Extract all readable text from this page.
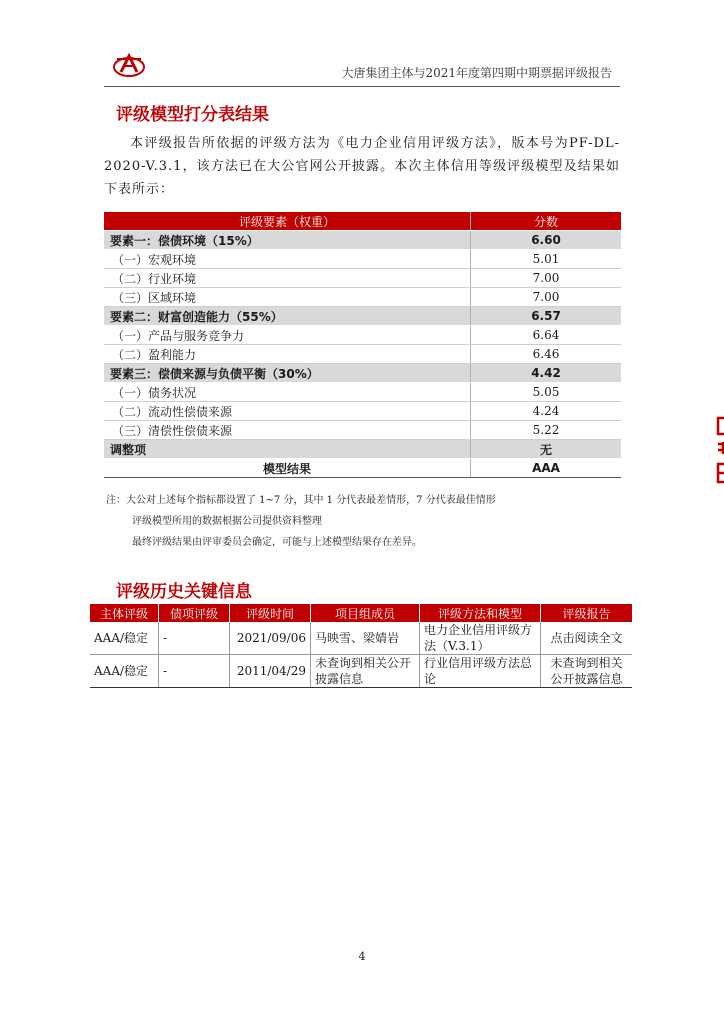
大唐集团主体与2021年度第四期中期票据评级报告
评级模型打分表结果
本评级报告所依据的评级方法为《电力企业信用评级方法》，版本号为PF-DL-2020-V.3.1，该方法已在大公官网公开披露。本次主体信用等级评级模型及结果如下表所示：
评级要素（权重）	分数
要素一：偿债环境（15%）	6.60
（一）宏观环境	5.01
（二）行业环境	7.00
（三）区域环境	7.00
要素二：财富创造能力（55%）	6.57
（一）产品与服务竞争力	6.64
（二）盈利能力	6.46
要素三：偿债来源与负债平衡（30%）	4.42
（一）债务状况	5.05
（二）流动性偿债来源	4.24
（三）清偿性偿债来源	5.22
调整项	无
模型结果	AAA
注：大公对上述每个指标都设置了 1~7 分，其中 1 分代表最差情形，7 分代表最佳情形
评级模型所用的数据根据公司提供资料整理
最终评级结果由评审委员会确定，可能与上述模型结果存在差异。
评级历史关键信息
主体评级	债项评级	评级时间	项目组成员	评级方法和模型	评级报告
AAA/稳定	-	2021/09/06	马映雪、梁婧岩	电力企业信用评级方法（V.3.1）	点击阅读全文
AAA/稳定	-	2011/04/29	未查询到相关公开披露信息	行业信用评级方法总论	未查询到相关公开披露信息
4
